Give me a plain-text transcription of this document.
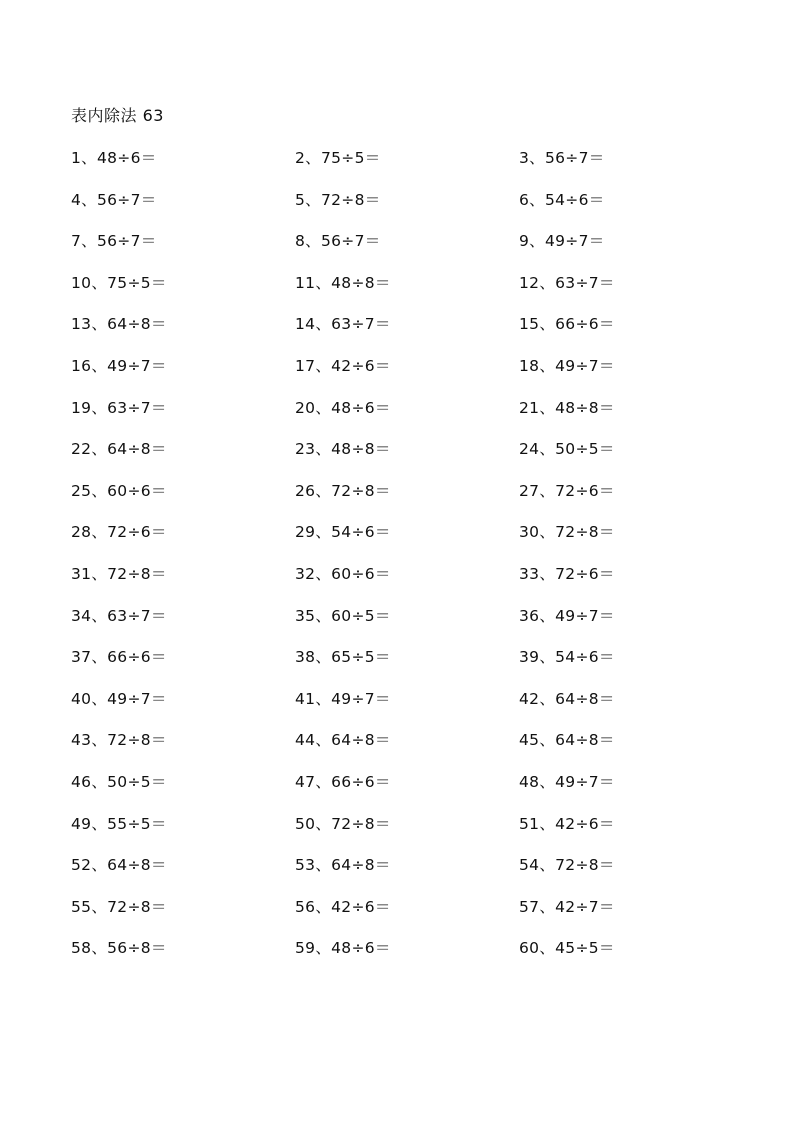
表内除法 63
1、48÷6＝	2、75÷5＝	3、56÷7＝
4、56÷7＝	5、72÷8＝	6、54÷6＝
7、56÷7＝	8、56÷7＝	9、49÷7＝
10、75÷5＝	11、48÷8＝	12、63÷7＝
13、64÷8＝	14、63÷7＝	15、66÷6＝
16、49÷7＝	17、42÷6＝	18、49÷7＝
19、63÷7＝	20、48÷6＝	21、48÷8＝
22、64÷8＝	23、48÷8＝	24、50÷5＝
25、60÷6＝	26、72÷8＝	27、72÷6＝
28、72÷6＝	29、54÷6＝	30、72÷8＝
31、72÷8＝	32、60÷6＝	33、72÷6＝
34、63÷7＝	35、60÷5＝	36、49÷7＝
37、66÷6＝	38、65÷5＝	39、54÷6＝
40、49÷7＝	41、49÷7＝	42、64÷8＝
43、72÷8＝	44、64÷8＝	45、64÷8＝
46、50÷5＝	47、66÷6＝	48、49÷7＝
49、55÷5＝	50、72÷8＝	51、42÷6＝
52、64÷8＝	53、64÷8＝	54、72÷8＝
55、72÷8＝	56、42÷6＝	57、42÷7＝
58、56÷8＝	59、48÷6＝	60、45÷5＝
